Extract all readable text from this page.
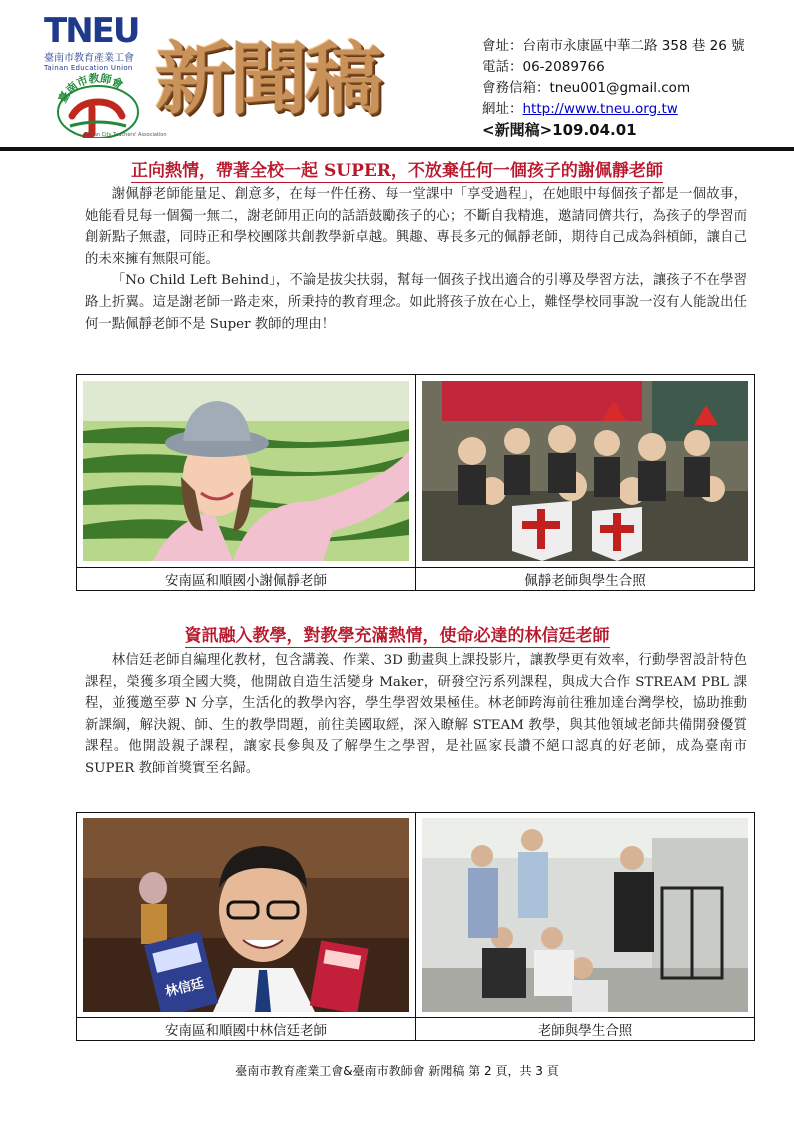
TNEU
臺南市教育產業工會
Tainan Education Union
臺南市教師會
Tainan City Teachers' Association
新聞稿	會址：台南市永康區中華二路 358 巷 26 號
電話：06-2089766
會務信箱：tneu001@gmail.com
網址：http://www.tneu.org.tw
<新聞稿>109.04.01
正向熱情，帶著全校一起 SUPER，不放棄任何一個孩子的謝佩靜老師

謝佩靜老師能量足、創意多，在每一件任務、每一堂課中「享受過程」，在她眼中每個孩子都是一個故事，她能看見每一個獨一無二，謝老師用正向的話語鼓勵孩子的心；不斷自我精進，邀請同儕共行，為孩子的學習而創新點子無盡，同時正和學校團隊共創教學新卓越。興趣、專長多元的佩靜老師，期待自己成為斜槓師，讓自己的未來擁有無限可能。

「No Child Left Behind」，不論是拔尖扶弱，幫每一個孩子找出適合的引導及學習方法，讓孩子不在學習路上折翼。這是謝老師一路走來，所秉持的教育理念。如此將孩子放在心上，難怪學校同事說一沒有人能說出任何一點佩靜老師不是 Super 教師的理由！

安南區和順國小謝佩靜老師	佩靜老師與學生合照
資訊融入教學，對教學充滿熱情，使命必達的林信廷老師

林信廷老師自編理化教材，包含講義、作業、3D 動畫與上課投影片，讓教學更有效率，行動學習設計特色課程，榮獲多項全國大獎，他開啟自造生活變身 Maker，研發空污系列課程，與成大合作 STREAM PBL 課程，並獲邀至夢 N 分享，生活化的教學內容，學生學習效果極佳。林老師跨海前往雅加達台灣學校，協助推動新課綱，解決親、師、生的教學問題，前往美國取經，深入瞭解 STEAM 教學，與其他領域老師共備開發優質課程。他開設親子課程，讓家長參與及了解學生之學習，是社區家長讚不絕口認真的好老師，成為臺南市 SUPER 教師首獎實至名歸。

林信廷

安南區和順國中林信廷老師	老師與學生合照
臺南市教育產業工會&臺南市教師會 新聞稿 第 2 頁，共 3 頁
